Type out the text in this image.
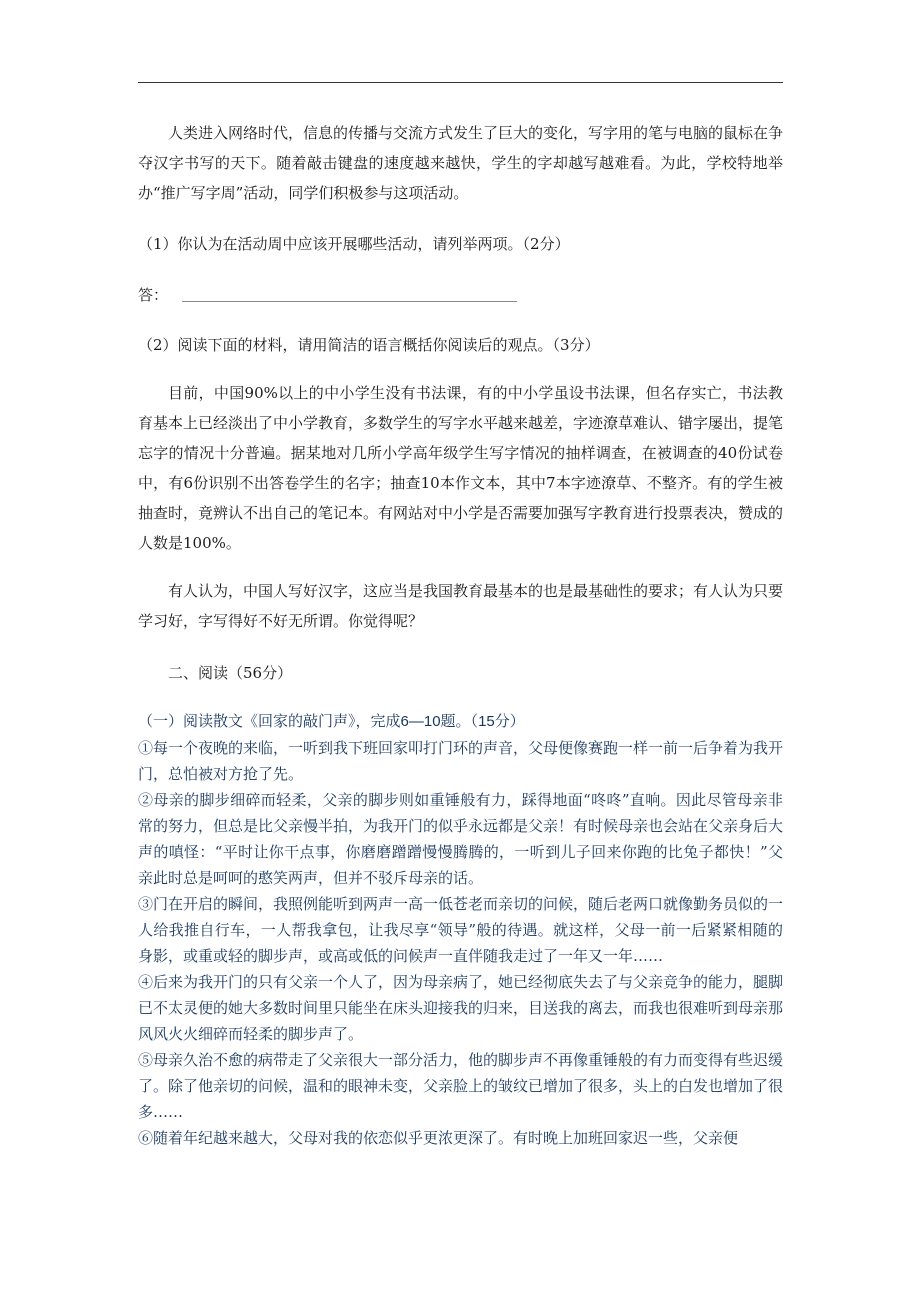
人类进入网络时代，信息的传播与交流方式发生了巨大的变化，写字用的笔与电脑的鼠标在争夺汉字书写的天下。随着敲击键盘的速度越来越快，学生的字却越写越难看。为此，学校特地举办“推广写字周”活动，同学们积极参与这项活动。

（1）你认为在活动周中应该开展哪些活动，请列举两项。（2分）

答：

（2）阅读下面的材料，请用简洁的语言概括你阅读后的观点。（3分）

目前，中国90%以上的中小学生没有书法课，有的中小学虽设书法课，但名存实亡，书法教育基本上已经淡出了中小学教育，多数学生的写字水平越来越差，字迹潦草难认、错字屡出，提笔忘字的情况十分普遍。据某地对几所小学高年级学生写字情况的抽样调查，在被调查的40份试卷中，有6份识别不出答卷学生的名字；抽查10本作文本，其中7本字迹潦草、不整齐。有的学生被抽查时，竟辨认不出自己的笔记本。有网站对中小学是否需要加强写字教育进行投票表决，赞成的人数是100%。

有人认为，中国人写好汉字，这应当是我国教育最基本的也是最基础性的要求；有人认为只要学习好，字写得好不好无所谓。你觉得呢？

二、阅读（56分）

（一）阅读散文《回家的敲门声》，完成6—10题。（15分）

①每一个夜晚的来临，一听到我下班回家叩打门环的声音，父母便像赛跑一样一前一后争着为我开门，总怕被对方抢了先。

②母亲的脚步细碎而轻柔，父亲的脚步则如重锤般有力，踩得地面“咚咚”直响。因此尽管母亲非常的努力，但总是比父亲慢半拍，为我开门的似乎永远都是父亲！有时候母亲也会站在父亲身后大声的嗔怪：“平时让你干点事，你磨磨蹭蹭慢慢腾腾的，一听到儿子回来你跑的比兔子都快！”父亲此时总是呵呵的憨笑两声，但并不驳斥母亲的话。

③门在开启的瞬间，我照例能听到两声一高一低苍老而亲切的问候，随后老两口就像勤务员似的一人给我推自行车，一人帮我拿包，让我尽享“领导”般的待遇。就这样，父母一前一后紧紧相随的身影，或重或轻的脚步声，或高或低的问候声一直伴随我走过了一年又一年……

④后来为我开门的只有父亲一个人了，因为母亲病了，她已经彻底失去了与父亲竞争的能力，腿脚已不太灵便的她大多数时间里只能坐在床头迎接我的归来，目送我的离去，而我也很难听到母亲那风风火火细碎而轻柔的脚步声了。

⑤母亲久治不愈的病带走了父亲很大一部分活力，他的脚步声不再像重锤般的有力而变得有些迟缓了。除了他亲切的问候，温和的眼神未变，父亲脸上的皱纹已增加了很多，头上的白发也增加了很多……

⑥随着年纪越来越大，父母对我的依恋似乎更浓更深了。有时晚上加班回家迟一些，父亲便
